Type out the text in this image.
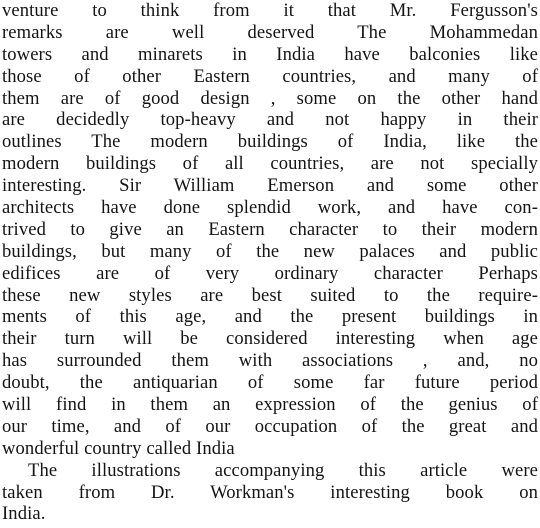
venture to think from it that Mr. Fergusson's
remarks are well deserved The Mohammedan
towers and minarets in India have balconies like
those of other Eastern countries, and many of
them are of good design , some on the other hand
are decidedly top-heavy and not happy in their
outlines The modern buildings of India, like the
modern buildings of all countries, are not specially
interesting. Sir William Emerson and some other
architects have done splendid work, and have con-
trived to give an Eastern character to their modern
buildings, but many of the new palaces and public
edifices are of very ordinary character Perhaps
these new styles are best suited to the require-
ments of this age, and the present buildings in
their turn will be considered interesting when age
has surrounded them with associations , and, no
doubt, the antiquarian of some far future period
will find in them an expression of the genius of
our time, and of our occupation of the great and
wonderful country called India
The illustrations accompanying this article were
taken from Dr. Workman's interesting book on
India.
